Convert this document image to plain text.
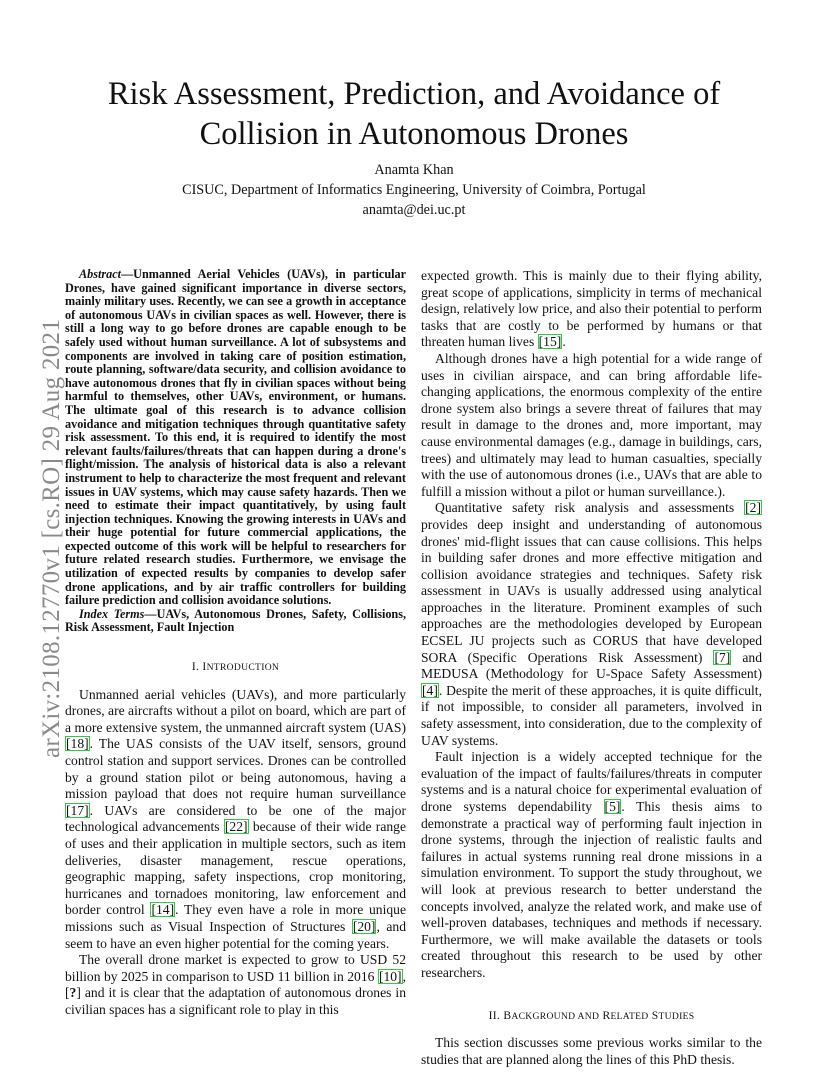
arXiv:2108.12770v1 [cs.RO] 29 Aug 2021
Risk Assessment, Prediction, and Avoidance of
Collision in Autonomous Drones
Anamta Khan
CISUC, Department of Informatics Engineering, University of Coimbra, Portugal
anamta@dei.uc.pt

Abstract—Unmanned Aerial Vehicles (UAVs), in particular Drones, have gained significant importance in diverse sectors, mainly military uses. Recently, we can see a growth in acceptance of autonomous UAVs in civilian spaces as well. However, there is still a long way to go before drones are capable enough to be safely used without human surveillance. A lot of subsystems and components are involved in taking care of position estimation, route planning, software/data security, and collision avoidance to have autonomous drones that fly in civilian spaces without being harmful to themselves, other UAVs, environment, or humans. The ultimate goal of this research is to advance collision avoidance and mitigation techniques through quantitative safety risk assessment. To this end, it is required to identify the most relevant faults/failures/threats that can happen during a drone's flight/mission. The analysis of historical data is also a relevant instrument to help to characterize the most frequent and relevant issues in UAV systems, which may cause safety hazards. Then we need to estimate their impact quantitatively, by using fault injection techniques. Knowing the growing interests in UAVs and their huge potential for future commercial applications, the expected outcome of this work will be helpful to researchers for future related research studies. Furthermore, we envisage the utilization of expected results by companies to develop safer drone applications, and by air traffic controllers for building failure prediction and collision avoidance solutions.

Index Terms—UAVs, Autonomous Drones, Safety, Collisions, Risk Assessment, Fault Injection

I. INTRODUCTION

Unmanned aerial vehicles (UAVs), and more particularly drones, are aircrafts without a pilot on board, which are part of a more extensive system, the unmanned aircraft system (UAS) [18]. The UAS consists of the UAV itself, sensors, ground control station and support services. Drones can be controlled by a ground station pilot or being autonomous, having a mission payload that does not require human surveillance [17]. UAVs are considered to be one of the major technological advancements [22] because of their wide range of uses and their application in multiple sectors, such as item deliveries, disaster management, rescue operations, geographic mapping, safety inspections, crop monitoring, hurricanes and tornadoes monitoring, law enforcement and border control [14]. They even have a role in more unique missions such as Visual Inspection of Structures [20], and seem to have an even higher potential for the coming years.

The overall drone market is expected to grow to USD 52 billion by 2025 in comparison to USD 11 billion in 2016 [10], [?] and it is clear that the adaptation of autonomous drones in civilian spaces has a significant role to play in this

expected growth. This is mainly due to their flying ability, great scope of applications, simplicity in terms of mechanical design, relatively low price, and also their potential to perform tasks that are costly to be performed by humans or that threaten human lives [15].

Although drones have a high potential for a wide range of uses in civilian airspace, and can bring affordable life-changing applications, the enormous complexity of the entire drone system also brings a severe threat of failures that may result in damage to the drones and, more important, may cause environmental damages (e.g., damage in buildings, cars, trees) and ultimately may lead to human casualties, specially with the use of autonomous drones (i.e., UAVs that are able to fulfill a mission without a pilot or human surveillance.).

Quantitative safety risk analysis and assessments [2] provides deep insight and understanding of autonomous drones' mid-flight issues that can cause collisions. This helps in building safer drones and more effective mitigation and collision avoidance strategies and techniques. Safety risk assessment in UAVs is usually addressed using analytical approaches in the literature. Prominent examples of such approaches are the methodologies developed by European ECSEL JU projects such as CORUS that have developed SORA (Specific Operations Risk Assessment) [7] and MEDUSA (Methodology for U-Space Safety Assessment) [4]. Despite the merit of these approaches, it is quite difficult, if not impossible, to consider all parameters, involved in safety assessment, into consideration, due to the complexity of UAV systems.

Fault injection is a widely accepted technique for the evaluation of the impact of faults/failures/threats in computer systems and is a natural choice for experimental evaluation of drone systems dependability [5]. This thesis aims to demonstrate a practical way of performing fault injection in drone systems, through the injection of realistic faults and failures in actual systems running real drone missions in a simulation environment. To support the study throughout, we will look at previous research to better understand the concepts involved, analyze the related work, and make use of well-proven databases, techniques and methods if necessary. Furthermore, we will make available the datasets or tools created throughout this research to be used by other researchers.

II. BACKGROUND AND RELATED STUDIES

This section discusses some previous works similar to the studies that are planned along the lines of this PhD thesis.
